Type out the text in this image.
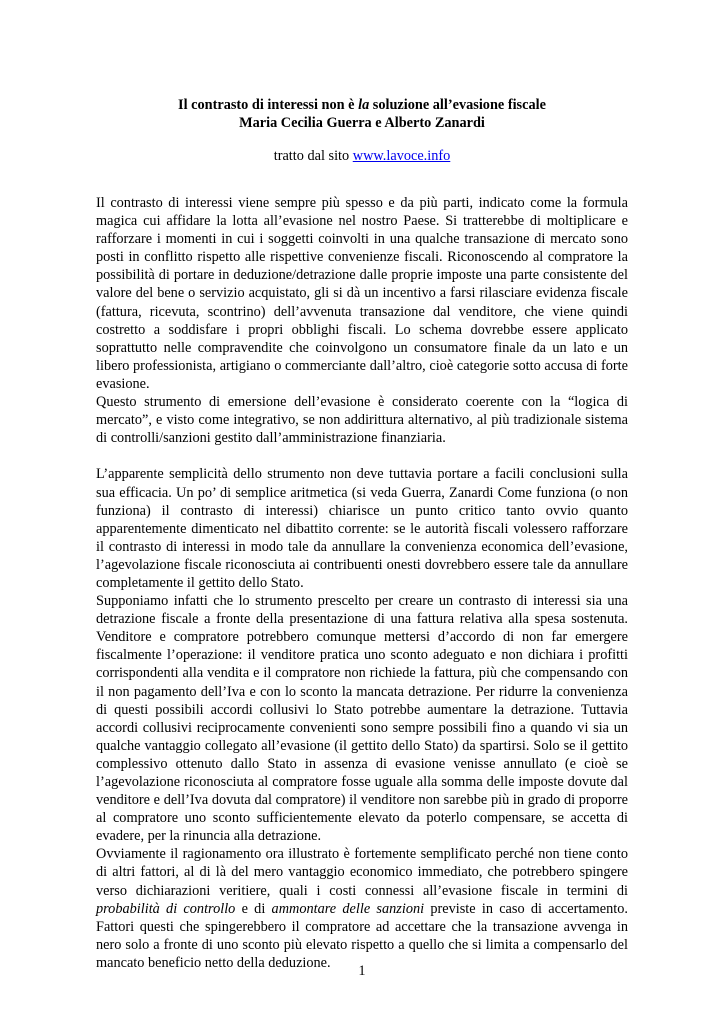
Il contrasto di interessi non è la soluzione all’evasione fiscale
Maria Cecilia Guerra e Alberto Zanardi
tratto dal sito www.lavoce.info

Il contrasto di interessi viene sempre più spesso e da più parti, indicato come la formula magica cui affidare la lotta all’evasione nel nostro Paese. Si tratterebbe di moltiplicare e rafforzare i momenti in cui i soggetti coinvolti in una qualche transazione di mercato sono posti in conflitto rispetto alle rispettive convenienze fiscali. Riconoscendo al compratore la possibilità di portare in deduzione/detrazione dalle proprie imposte una parte consistente del valore del bene o servizio acquistato, gli si dà un incentivo a farsi rilasciare evidenza fiscale (fattura, ricevuta, scontrino) dell’avvenuta transazione dal venditore, che viene quindi costretto a soddisfare i propri obblighi fiscali. Lo schema dovrebbe essere applicato soprattutto nelle compravendite che coinvolgono un consumatore finale da un lato e un libero professionista, artigiano o commerciante dall’altro, cioè categorie sotto accusa di forte evasione.

Questo strumento di emersione dell’evasione è considerato coerente con la “logica di mercato”, e visto come integrativo, se non addirittura alternativo, al più tradizionale sistema di controlli/sanzioni gestito dall’amministrazione finanziaria.

L’apparente semplicità dello strumento non deve tuttavia portare a facili conclusioni sulla sua efficacia. Un po’ di semplice aritmetica (si veda Guerra, Zanardi Come funziona (o non funziona) il contrasto di interessi) chiarisce un punto critico tanto ovvio quanto apparentemente dimenticato nel dibattito corrente: se le autorità fiscali volessero rafforzare il contrasto di interessi in modo tale da annullare la convenienza economica dell’evasione, l’agevolazione fiscale riconosciuta ai contribuenti onesti dovrebbero essere tale da annullare completamente il gettito dello Stato.

Supponiamo infatti che lo strumento prescelto per creare un contrasto di interessi sia una detrazione fiscale a fronte della presentazione di una fattura relativa alla spesa sostenuta. Venditore e compratore potrebbero comunque mettersi d’accordo di non far emergere fiscalmente l’operazione: il venditore pratica uno sconto adeguato e non dichiara i profitti corrispondenti alla vendita e il compratore non richiede la fattura, più che compensando con il non pagamento dell’Iva e con lo sconto la mancata detrazione. Per ridurre la convenienza di questi possibili accordi collusivi lo Stato potrebbe aumentare la detrazione. Tuttavia accordi collusivi reciprocamente convenienti sono sempre possibili fino a quando vi sia un qualche vantaggio collegato all’evasione (il gettito dello Stato) da spartirsi. Solo se il gettito complessivo ottenuto dallo Stato in assenza di evasione venisse annullato (e cioè se l’agevolazione riconosciuta al compratore fosse uguale alla somma delle imposte dovute dal venditore e dell’Iva dovuta dal compratore) il venditore non sarebbe più in grado di proporre al compratore uno sconto sufficientemente elevato da poterlo compensare, se accetta di evadere, per la rinuncia alla detrazione.

Ovviamente il ragionamento ora illustrato è fortemente semplificato perché non tiene conto di altri fattori, al di là del mero vantaggio economico immediato, che potrebbero spingere verso dichiarazioni veritiere, quali i costi connessi all’evasione fiscale in termini di probabilità di controllo e di ammontare delle sanzioni previste in caso di accertamento. Fattori questi che spingerebbero il compratore ad accettare che la transazione avvenga in nero solo a fronte di uno sconto più elevato rispetto a quello che si limita a compensarlo del mancato beneficio netto della deduzione.

1
